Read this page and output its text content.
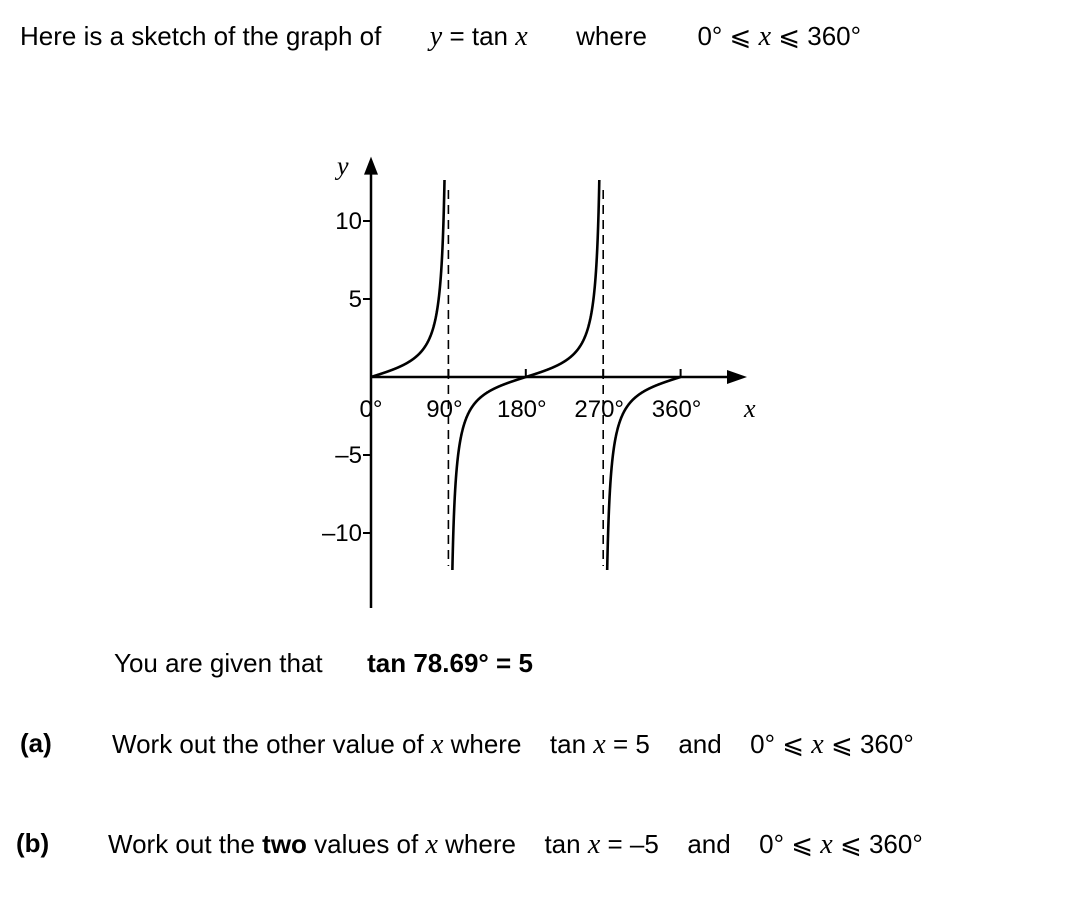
Here is a sketch of the graph of y = tan x where 0° ⩽ x ⩽ 360°
y
x
10
5
–5
–10
0° 90° 180° 270° 360°
You are given that tan 78.69° = 5
(a) Work out the other value of x where tan x = 5 and 0° ⩽ x ⩽ 360°
(b) Work out the two values of x where tan x = –5 and 0° ⩽ x ⩽ 360°
